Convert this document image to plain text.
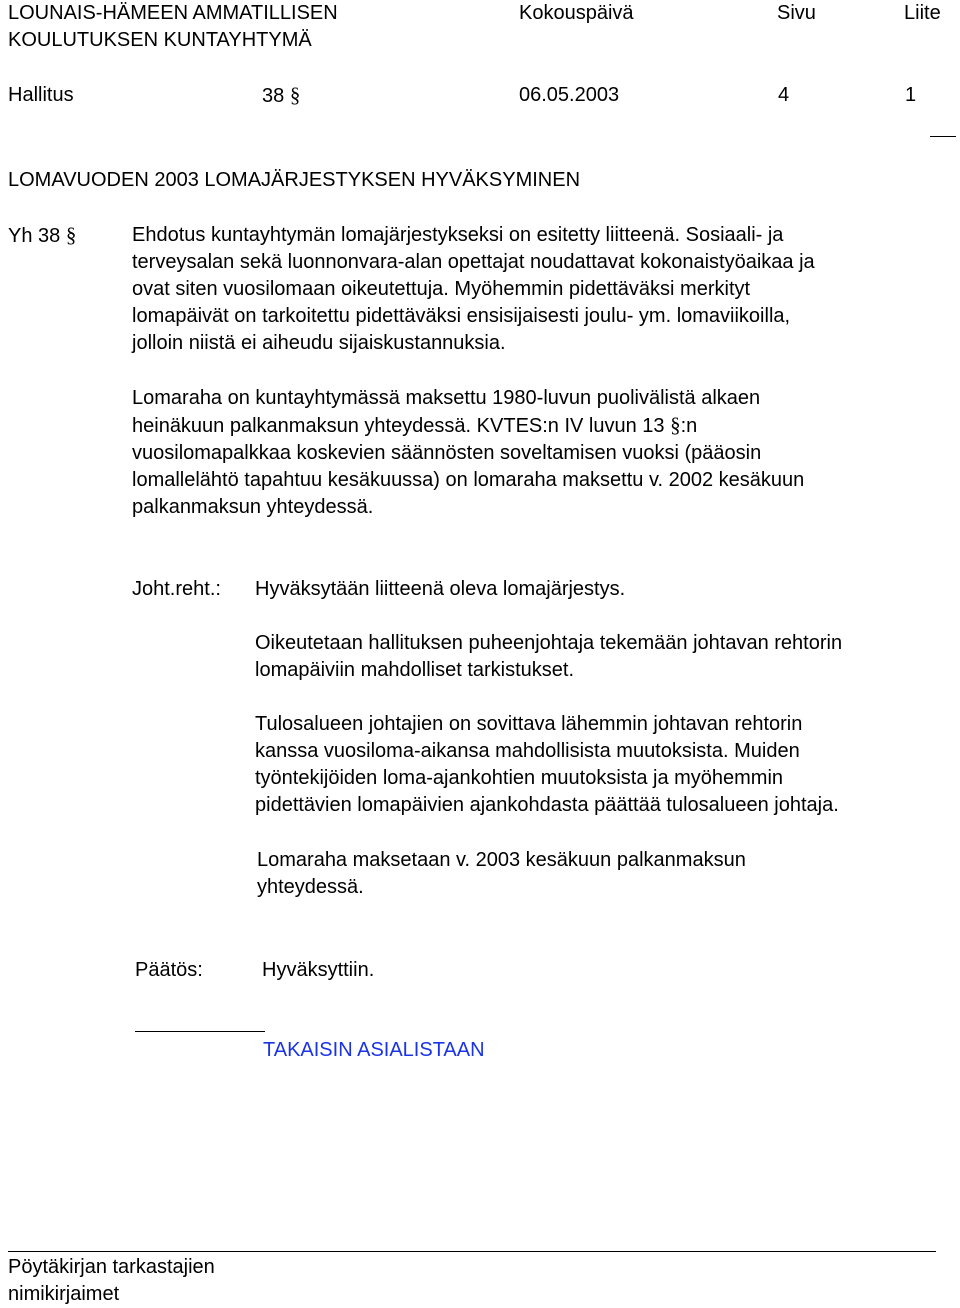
LOUNAIS-HÄMEEN AMMATILLISEN
KOULUTUKSEN KUNTAYHTYMÄ
Kokouspäivä	Sivu	Liite
Hallitus	38 §	06.05.2003	4	1
LOMAVUODEN 2003 LOMAJÄRJESTYKSEN HYVÄKSYMINEN
Yh 38 §	Ehdotus kuntayhtymän lomajärjestykseksi on esitetty liitteenä. Sosiaali- ja
terveysalan sekä luonnonvara-alan opettajat noudattavat kokonaistyöaikaa ja
ovat siten vuosilomaan oikeutettuja. Myöhemmin pidettäväksi merkityt
lomapäivät on tarkoitettu pidettäväksi ensisijaisesti joulu- ym. lomaviikoilla,
jolloin niistä ei aiheudu sijaiskustannuksia.
Lomaraha on kuntayhtymässä maksettu 1980-luvun puolivälistä alkaen
heinäkuun palkanmaksun yhteydessä. KVTES:n IV luvun 13 §:n
vuosilomapalkkaa koskevien säännösten soveltamisen vuoksi (pääosin
lomallelähtö tapahtuu kesäkuussa) on lomaraha maksettu v. 2002 kesäkuun
palkanmaksun yhteydessä.
Joht.reht.: Hyväksytään liitteenä oleva lomajärjestys.
Oikeutetaan hallituksen puheenjohtaja tekemään johtavan rehtorin
lomapäiviin mahdolliset tarkistukset.
Tulosalueen johtajien on sovittava lähemmin johtavan rehtorin
kanssa vuosiloma-aikansa mahdollisista muutoksista. Muiden
työntekijöiden loma-ajankohtien muutoksista ja myöhemmin
pidettävien lomapäivien ajankohdasta päättää tulosalueen johtaja.
Lomaraha maksetaan v. 2003 kesäkuun palkanmaksun
yhteydessä.
Päätös:	Hyväksyttiin.
TAKAISIN ASIALISTAAN
Pöytäkirjan tarkastajien
nimikirjaimet
